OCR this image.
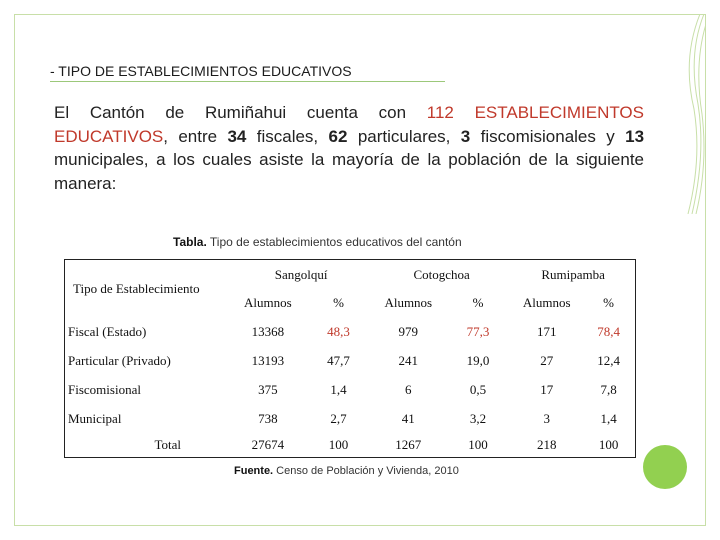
- TIPO DE ESTABLECIMIENTOS EDUCATIVOS

El Cantón de Rumiñahui cuenta con 112 ESTABLECIMIENTOS EDUCATIVOS, entre 34 fiscales, 62 particulares, 3 fiscomisionales y 13 municipales, a los cuales asiste la mayoría de la población de la siguiente manera:

Tabla. Tipo de establecimientos educativos del cantón
Tipo de Establecimiento	Sangolquí		Cotogchoa		Rumipamba	
	Alumnos	%	Alumnos	%	Alumnos	%
Fiscal (Estado)	13368	48,3	979	77,3	171	78,4
Particular (Privado)	13193	47,7	241	19,0	27	12,4
Fiscomisional	375	1,4	6	0,5	17	7,8
Municipal	738	2,7	41	3,2	3	1,4
Total	27674	100	1267	100	218	100
Fuente. Censo de Población y Vivienda, 2010
